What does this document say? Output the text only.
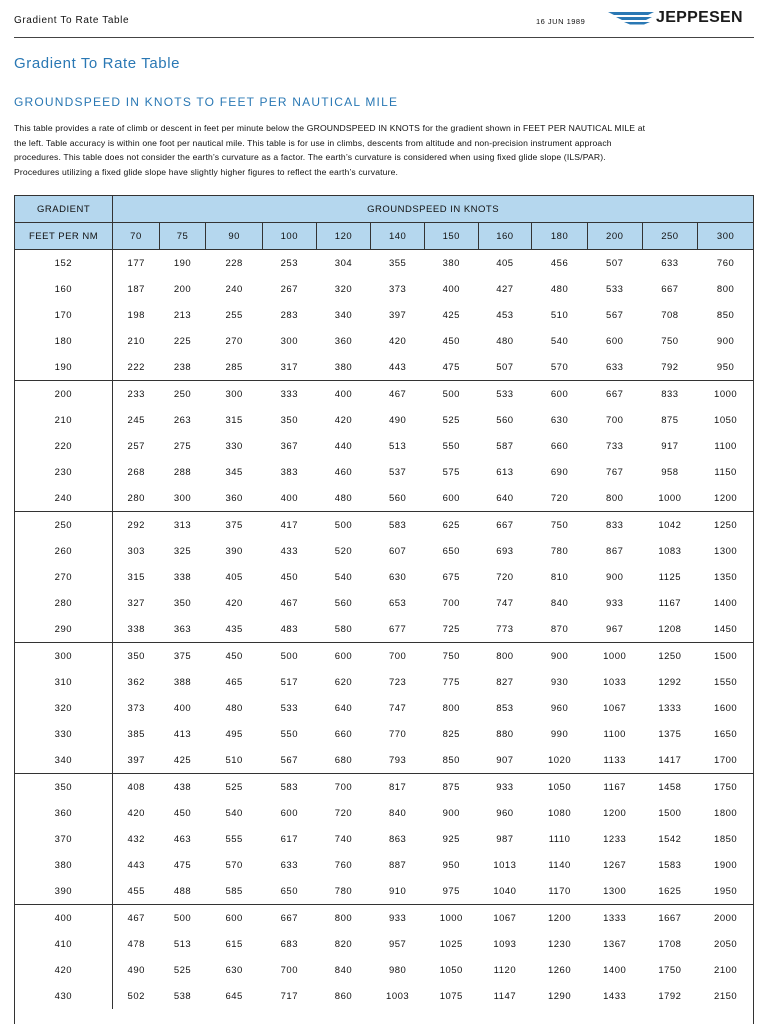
Gradient To Rate Table	16 JUN 1989	JEPPESEN
Gradient To Rate Table
GROUNDSPEED IN KNOTS TO FEET PER NAUTICAL MILE

This table provides a rate of climb or descent in feet per minute below the GROUNDSPEED IN KNOTS for the gradient shown in FEET PER NAUTICAL MILE at
the left. Table accuracy is within one foot per nautical mile. This table is for use in climbs, descents from altitude and non-precision instrument approach
procedures. This table does not consider the earth’s curvature as a factor. The earth’s curvature is considered when using fixed glide slope (ILS/PAR).
Procedures utilizing a fixed glide slope have slightly higher figures to reflect the earth’s curvature.

GRADIENT	GROUNDSPEED IN KNOTS											
FEET PER NM	70	75	90	100	120	140	150	160	180	200	250	300
152	177	190	228	253	304	355	380	405	456	507	633	760
160	187	200	240	267	320	373	400	427	480	533	667	800
170	198	213	255	283	340	397	425	453	510	567	708	850
180	210	225	270	300	360	420	450	480	540	600	750	900
190	222	238	285	317	380	443	475	507	570	633	792	950
200	233	250	300	333	400	467	500	533	600	667	833	1000
210	245	263	315	350	420	490	525	560	630	700	875	1050
220	257	275	330	367	440	513	550	587	660	733	917	1100
230	268	288	345	383	460	537	575	613	690	767	958	1150
240	280	300	360	400	480	560	600	640	720	800	1000	1200
250	292	313	375	417	500	583	625	667	750	833	1042	1250
260	303	325	390	433	520	607	650	693	780	867	1083	1300
270	315	338	405	450	540	630	675	720	810	900	1125	1350
280	327	350	420	467	560	653	700	747	840	933	1167	1400
290	338	363	435	483	580	677	725	773	870	967	1208	1450
300	350	375	450	500	600	700	750	800	900	1000	1250	1500
310	362	388	465	517	620	723	775	827	930	1033	1292	1550
320	373	400	480	533	640	747	800	853	960	1067	1333	1600
330	385	413	495	550	660	770	825	880	990	1100	1375	1650
340	397	425	510	567	680	793	850	907	1020	1133	1417	1700
350	408	438	525	583	700	817	875	933	1050	1167	1458	1750
360	420	450	540	600	720	840	900	960	1080	1200	1500	1800
370	432	463	555	617	740	863	925	987	1110	1233	1542	1850
380	443	475	570	633	760	887	950	1013	1140	1267	1583	1900
390	455	488	585	650	780	910	975	1040	1170	1300	1625	1950
400	467	500	600	667	800	933	1000	1067	1200	1333	1667	2000
410	478	513	615	683	820	957	1025	1093	1230	1367	1708	2050
420	490	525	630	700	840	980	1050	1120	1260	1400	1750	2100
430	502	538	645	717	860	1003	1075	1147	1290	1433	1792	2150
